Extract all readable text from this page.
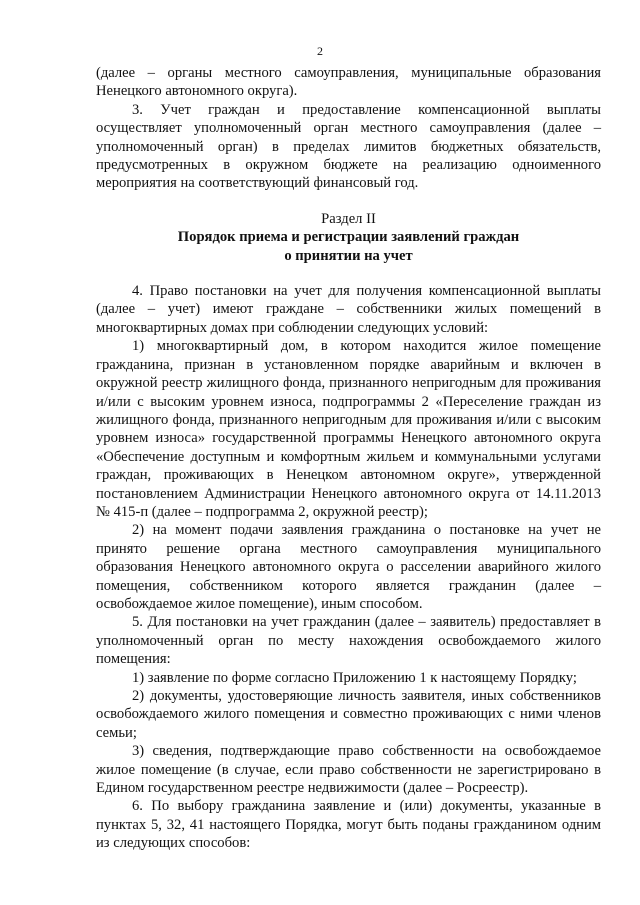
2

(далее – органы местного самоуправления, муниципальные образования Ненецкого автономного округа).

3. Учет граждан и предоставление компенсационной выплаты осуществляет уполномоченный орган местного самоуправления (далее – уполномоченный орган) в пределах лимитов бюджетных обязательств, предусмотренных в окружном бюджете на реализацию одноименного мероприятия на соответствующий финансовый год.

Раздел II

Порядок приема и регистрации заявлений граждан

о принятии на учет

4. Право постановки на учет для получения компенсационной выплаты (далее – учет) имеют граждане – собственники жилых помещений в многоквартирных домах при соблюдении следующих условий:

1) многоквартирный дом, в котором находится жилое помещение гражданина, признан в установленном порядке аварийным и включен в окружной реестр жилищного фонда, признанного непригодным для проживания и/или с высоким уровнем износа, подпрограммы 2 «Переселение граждан из жилищного фонда, признанного непригодным для проживания и/или с высоким уровнем износа» государственной программы Ненецкого автономного округа «Обеспечение доступным и комфортным жильем и коммунальными услугами граждан, проживающих в Ненецком автономном округе», утвержденной постановлением Администрации Ненецкого автономного округа от 14.11.2013 № 415-п (далее – подпрограмма 2, окружной реестр);

2) на момент подачи заявления гражданина о постановке на учет не принято решение органа местного самоуправления муниципального образования Ненецкого автономного округа о расселении аварийного жилого помещения, собственником которого является гражданин (далее – освобождаемое жилое помещение), иным способом.

5. Для постановки на учет гражданин (далее – заявитель) предоставляет в уполномоченный орган по месту нахождения освобождаемого жилого помещения:

1) заявление по форме согласно Приложению 1 к настоящему Порядку;

2) документы, удостоверяющие личность заявителя, иных собственников освобождаемого жилого помещения и совместно проживающих с ними членов семьи;

3) сведения, подтверждающие право собственности на освобождаемое жилое помещение (в случае, если право собственности не зарегистрировано в Едином государственном реестре недвижимости (далее – Росреестр).

6. По выбору гражданина заявление и (или) документы, указанные в пунктах 5, 32, 41 настоящего Порядка, могут быть поданы гражданином одним из следующих способов:
